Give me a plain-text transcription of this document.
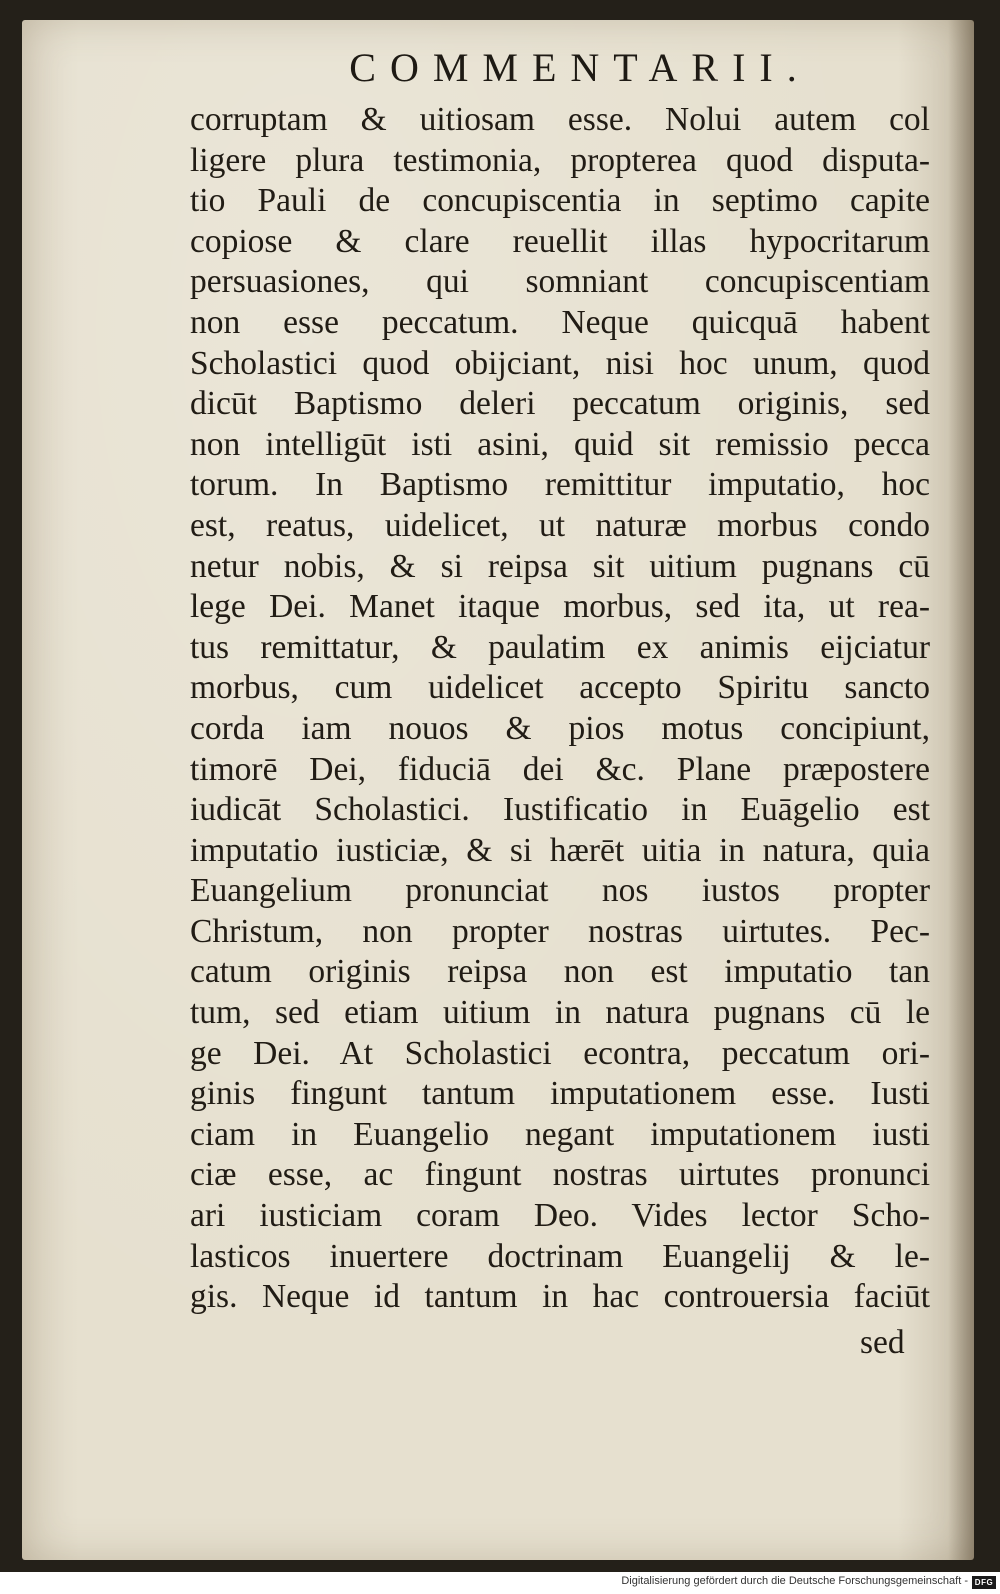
COMMENTARII.
corruptam & uitiosam esse. Nolui autem col
ligere plura testimonia, propterea quod disputa-
tio Pauli de concupiscentia in septimo capite
copiose & clare reuellit illas hypocritarum
persuasiones, qui somniant concupiscentiam
non esse peccatum. Neque quicquā habent
Scholastici quod obijciant, nisi hoc unum, quod
dicūt Baptismo deleri peccatum originis, sed
non intelligūt isti asini, quid sit remissio pecca
torum. In Baptismo remittitur imputatio, hoc
est, reatus, uidelicet, ut naturæ morbus condo
netur nobis, & si reipsa sit uitium pugnans cū
lege Dei. Manet itaque morbus, sed ita, ut rea-
tus remittatur, & paulatim ex animis eijciatur
morbus, cum uidelicet accepto Spiritu sancto
corda iam nouos & pios motus concipiunt,
timorē Dei, fiduciā dei &c. Plane præpostere
iudicāt Scholastici. Iustificatio in Euāgelio est
imputatio iusticiæ, & si hærēt uitia in natura, quia
Euangelium pronunciat nos iustos propter
Christum, non propter nostras uirtutes. Pec-
catum originis reipsa non est imputatio tan
tum, sed etiam uitium in natura pugnans cū le
ge Dei. At Scholastici econtra, peccatum ori-
ginis fingunt tantum imputationem esse. Iusti
ciam in Euangelio negant imputationem iusti
ciæ esse, ac fingunt nostras uirtutes pronunci
ari iusticiam coram Deo. Vides lector Scho-
lasticos inuertere doctrinam Euangelij & le-
gis. Neque id tantum in hac controuersia faciūt
sed
Digitalisierung gefördert durch die Deutsche Forschungsgemeinschaft - DFG
